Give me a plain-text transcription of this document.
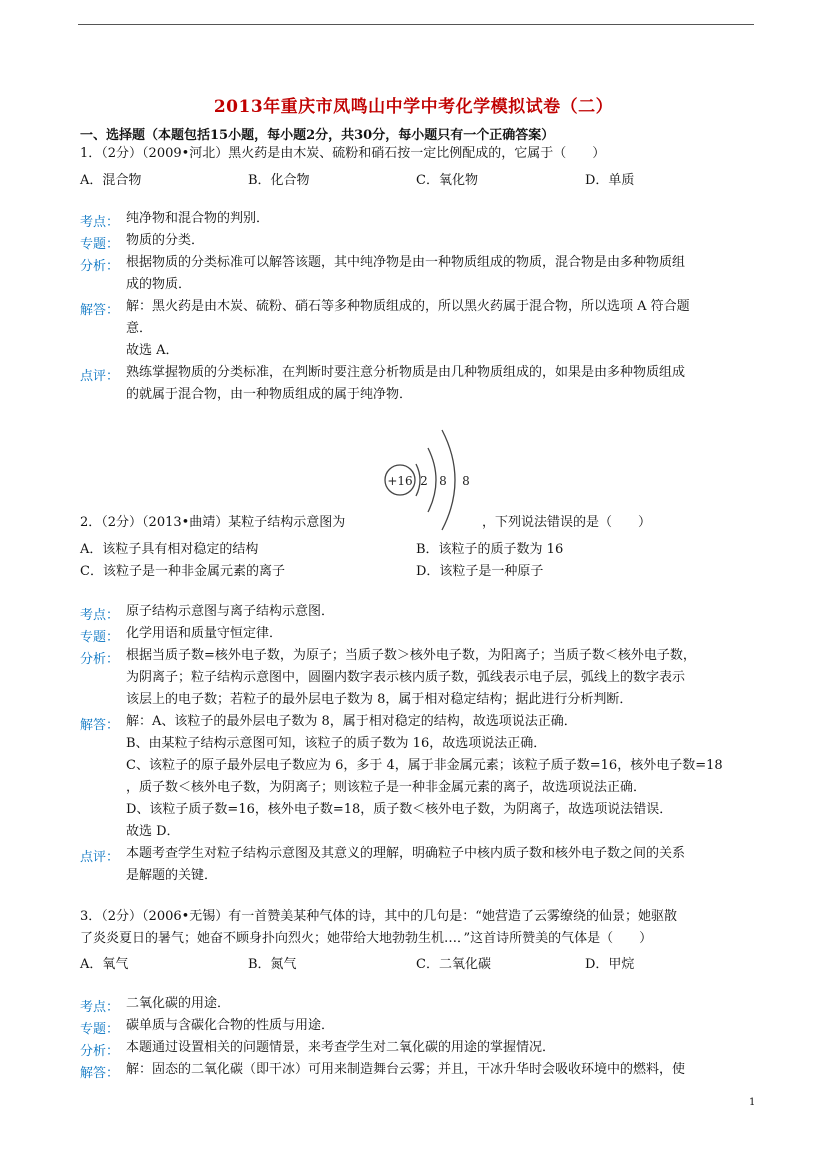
2013年重庆市凤鸣山中学中考化学模拟试卷（二）
一、选择题（本题包括15小题，每小题2分，共30分，每小题只有一个正确答案）
1．（2分）（2009•河北）黑火药是由木炭、硫粉和硝石按一定比例配成的，它属于（　　）
A．混合物	B．化合物	C．氧化物	D．单质
考点： 纯净物和混合物的判别．
专题： 物质的分类．
分析： 根据物质的分类标准可以解答该题，其中纯净物是由一种物质组成的物质，混合物是由多种物质组
成的物质．
解答： 解：黑火药是由木炭、硫粉、硝石等多种物质组成的，所以黑火药属于混合物，所以选项 A 符合题
意．
故选 A．
点评： 熟练掌握物质的分类标准，在判断时要注意分析物质是由几种物质组成的，如果是由多种物质组成
的就属于混合物，由一种物质组成的属于纯净物．
+16 2 8 8
2．（2分）（2013•曲靖）某粒子结构示意图为	，下列说法错误的是（　　）
A．该粒子具有相对稳定的结构	B．该粒子的质子数为 16
C．该粒子是一种非金属元素的离子	D．该粒子是一种原子
考点： 原子结构示意图与离子结构示意图．
专题： 化学用语和质量守恒定律．
分析： 根据当质子数=核外电子数，为原子；当质子数＞核外电子数，为阳离子；当质子数＜核外电子数，
为阴离子；粒子结构示意图中，圆圈内数字表示核内质子数，弧线表示电子层，弧线上的数字表示
该层上的电子数；若粒子的最外层电子数为 8，属于相对稳定结构；据此进行分析判断．
解答： 解：A、该粒子的最外层电子数为 8，属于相对稳定的结构，故选项说法正确．
B、由某粒子结构示意图可知，该粒子的质子数为 16，故选项说法正确．
C、该粒子的原子最外层电子数应为 6，多于 4，属于非金属元素；该粒子质子数=16，核外电子数=18
，质子数＜核外电子数，为阴离子；则该粒子是一种非金属元素的离子，故选项说法正确．
D、该粒子质子数=16，核外电子数=18，质子数＜核外电子数，为阴离子，故选项说法错误．
故选 D．
点评： 本题考查学生对粒子结构示意图及其意义的理解，明确粒子中核内质子数和核外电子数之间的关系
是解题的关键．
3．（2分）（2006•无锡）有一首赞美某种气体的诗，其中的几句是：“她营造了云雾缭绕的仙景；她驱散
了炎炎夏日的暑气；她奋不顾身扑向烈火；她带给大地勃勃生机…．”这首诗所赞美的气体是（　　）
A．氧气	B．氮气	C．二氧化碳	D．甲烷
考点： 二氧化碳的用途．
专题： 碳单质与含碳化合物的性质与用途．
分析： 本题通过设置相关的问题情景，来考查学生对二氧化碳的用途的掌握情况．
解答： 解：固态的二氧化碳（即干冰）可用来制造舞台云雾；并且，干冰升华时会吸收环境中的燃料，使
1
